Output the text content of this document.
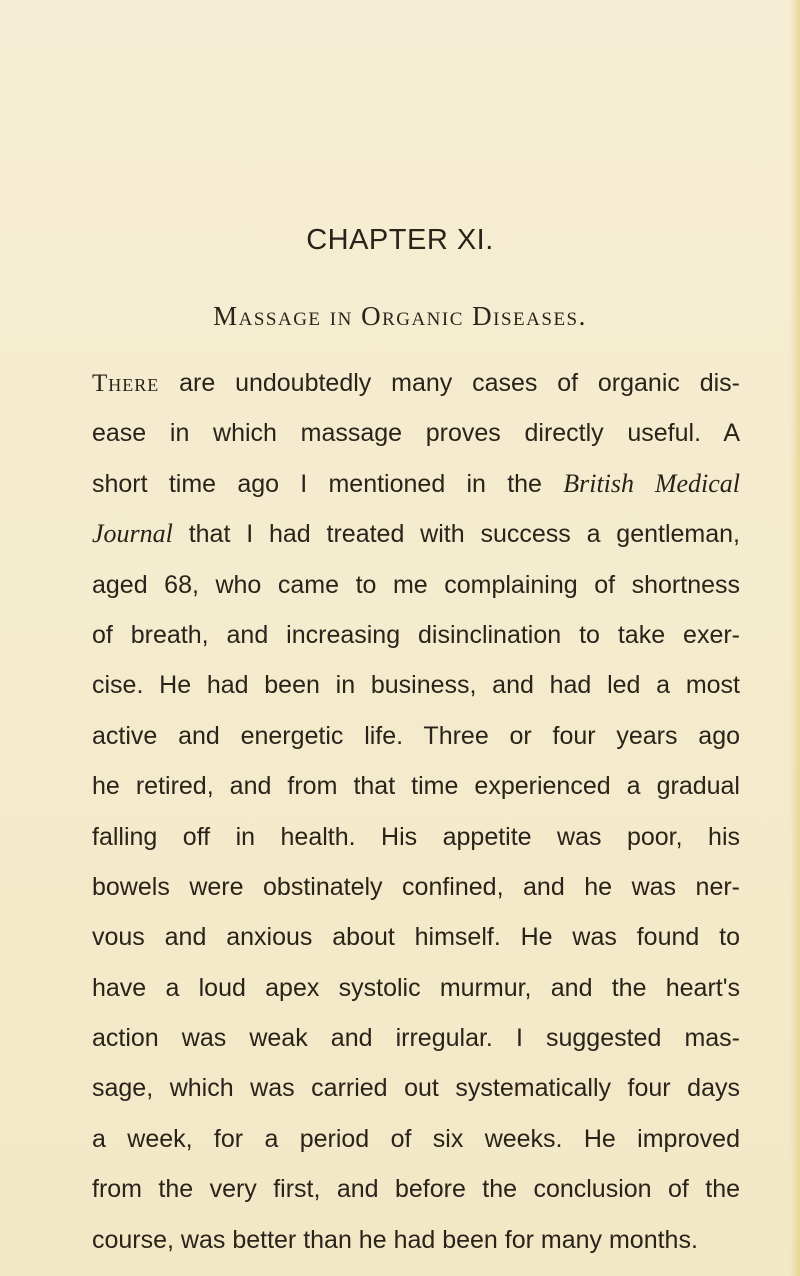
CHAPTER XI.
Massage in Organic Diseases.
There are undoubtedly many cases of organic dis-
ease in which massage proves directly useful. A
short time ago I mentioned in the British Medical
Journal that I had treated with success a gentleman,
aged 68, who came to me complaining of shortness
of breath, and increasing disinclination to take exer-
cise. He had been in business, and had led a most
active and energetic life. Three or four years ago
he retired, and from that time experienced a gradual
falling off in health. His appetite was poor, his
bowels were obstinately confined, and he was ner-
vous and anxious about himself. He was found to
have a loud apex systolic murmur, and the heart's
action was weak and irregular. I suggested mas-
sage, which was carried out systematically four days
a week, for a period of six weeks. He improved
from the very first, and before the conclusion of the
course, was better than he had been for many months.
